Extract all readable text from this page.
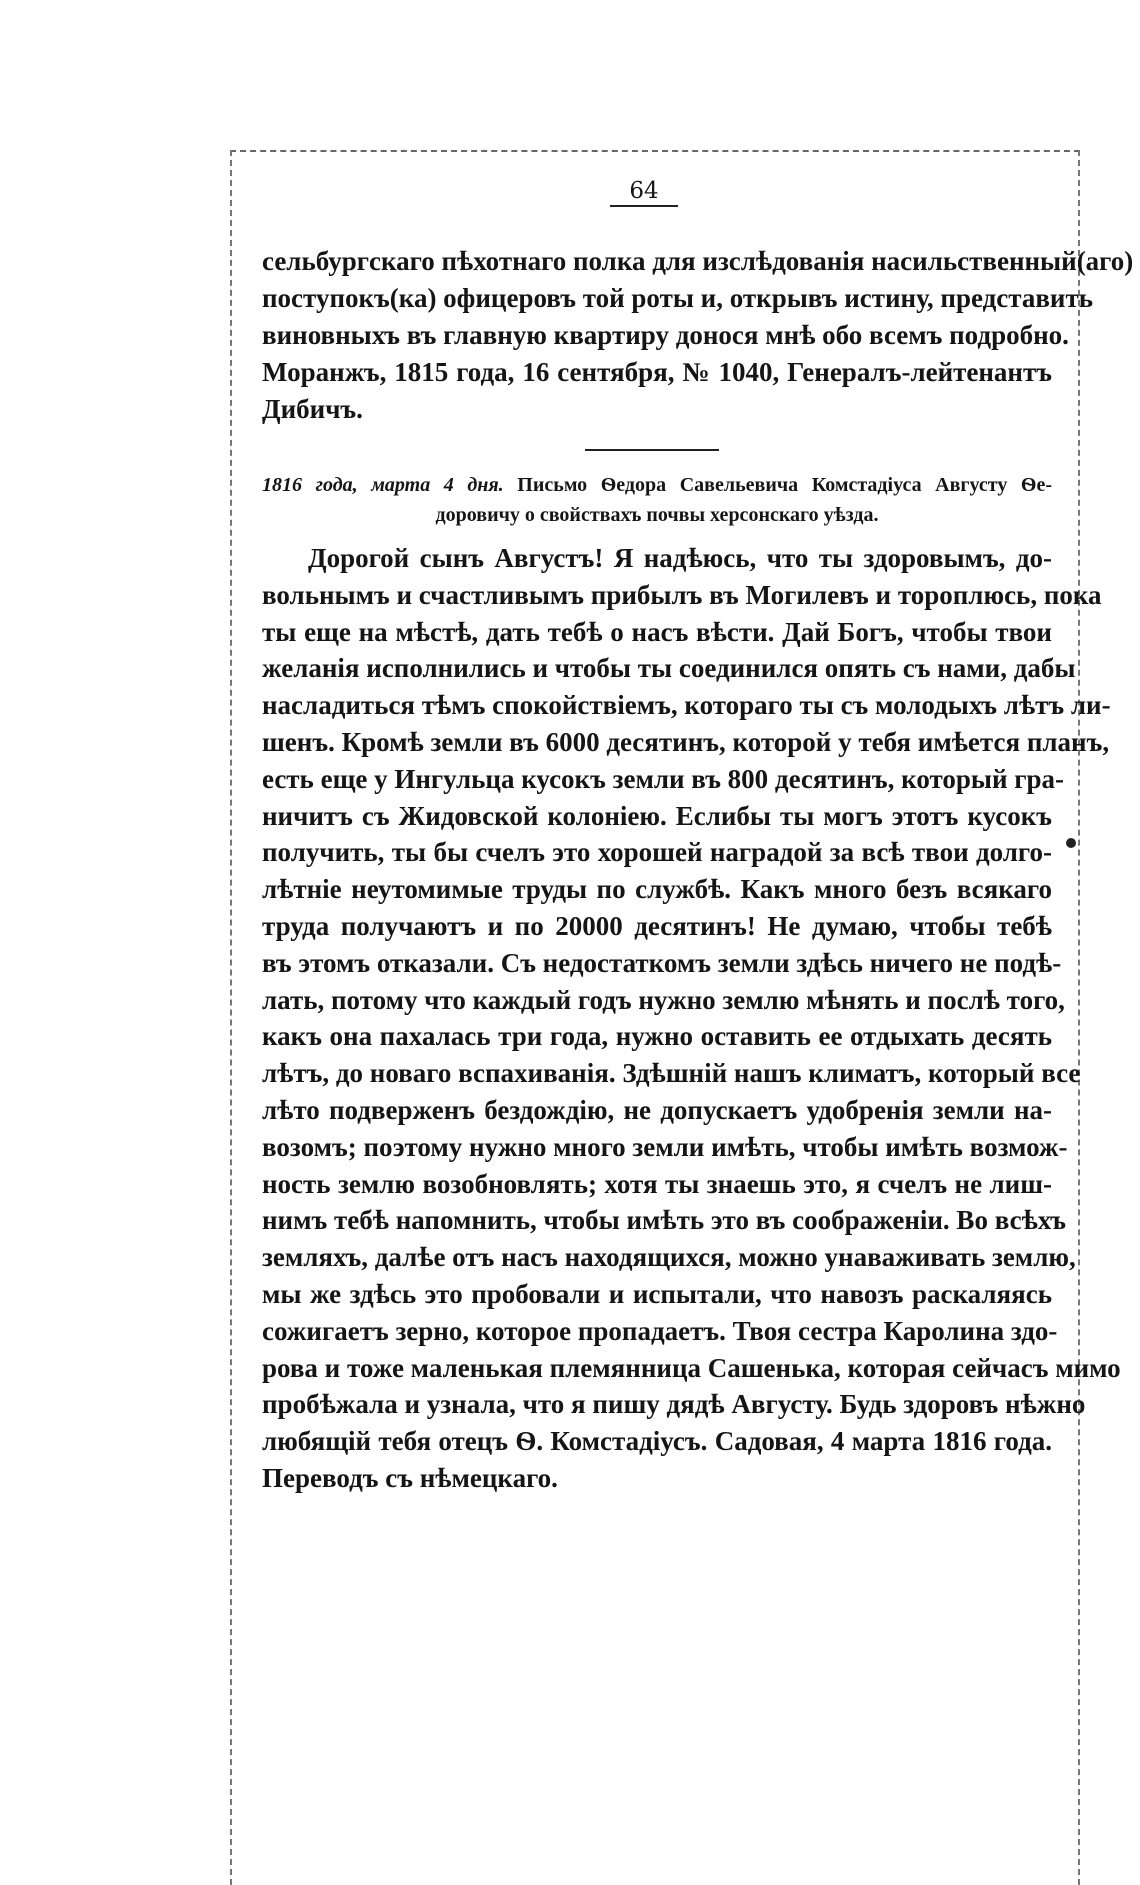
64
сельбургскаго пѣхотнаго полка для изслѣдованія насильственный(аго)
поступокъ(ка) офицеровъ той роты и, открывъ истину, представить
виновныхъ въ главную квартиру донося мнѣ обо всемъ подробно.
Моранжъ, 1815 года, 16 сентября, № 1040, Генералъ-лейтенантъ
Дибичъ.
1816 года, марта 4 дня. Письмо Ѳедора Савельевича Комстадіуса Августу Ѳе-
доровичу о свойствахъ почвы херсонскаго уѣзда.
Дорогой сынъ Августъ! Я надѣюсь, что ты здоровымъ, до-
вольнымъ и счастливымъ прибылъ въ Могилевъ и тороплюсь, пока
ты еще на мѣстѣ, дать тебѣ о насъ вѣсти. Дай Богъ, чтобы твои
желанія исполнились и чтобы ты соединился опять съ нами, дабы
насладиться тѣмъ спокойствіемъ, котораго ты съ молодыхъ лѣтъ ли-
шенъ. Кромѣ земли въ 6000 десятинъ, которой у тебя имѣется планъ,
есть еще у Ингульца кусокъ земли въ 800 десятинъ, который гра-
ничитъ съ Жидовской колоніею. Еслибы ты могъ этотъ кусокъ
получить, ты бы счелъ это хорошей наградой за всѣ твои долго-
лѣтніе неутомимые труды по службѣ. Какъ много безъ всякаго
труда получаютъ и по 20000 десятинъ! Не думаю, чтобы тебѣ
въ этомъ отказали. Съ недостаткомъ земли здѣсь ничего не подѣ-
лать, потому что каждый годъ нужно землю мѣнять и послѣ того,
какъ она пахалась три года, нужно оставить ее отдыхать десять
лѣтъ, до новаго вспахиванія. Здѣшній нашъ климатъ, который все
лѣто подверженъ бездождію, не допускаетъ удобренія земли на-
возомъ; поэтому нужно много земли имѣть, чтобы имѣть возмож-
ность землю возобновлять; хотя ты знаешь это, я счелъ не лиш-
нимъ тебѣ напомнить, чтобы имѣть это въ соображеніи. Во всѣхъ
земляхъ, далѣе отъ насъ находящихся, можно унаваживать землю,
мы же здѣсь это пробовали и испытали, что навозъ раскаляясь
сожигаетъ зерно, которое пропадаетъ. Твоя сестра Каролина здо-
рова и тоже маленькая племянница Сашенька, которая сейчасъ мимо
пробѣжала и узнала, что я пишу дядѣ Августу. Будь здоровъ нѣжно
любящій тебя отецъ Ѳ. Комстадіусъ. Садовая, 4 марта 1816 года.
Переводъ съ нѣмецкаго.
